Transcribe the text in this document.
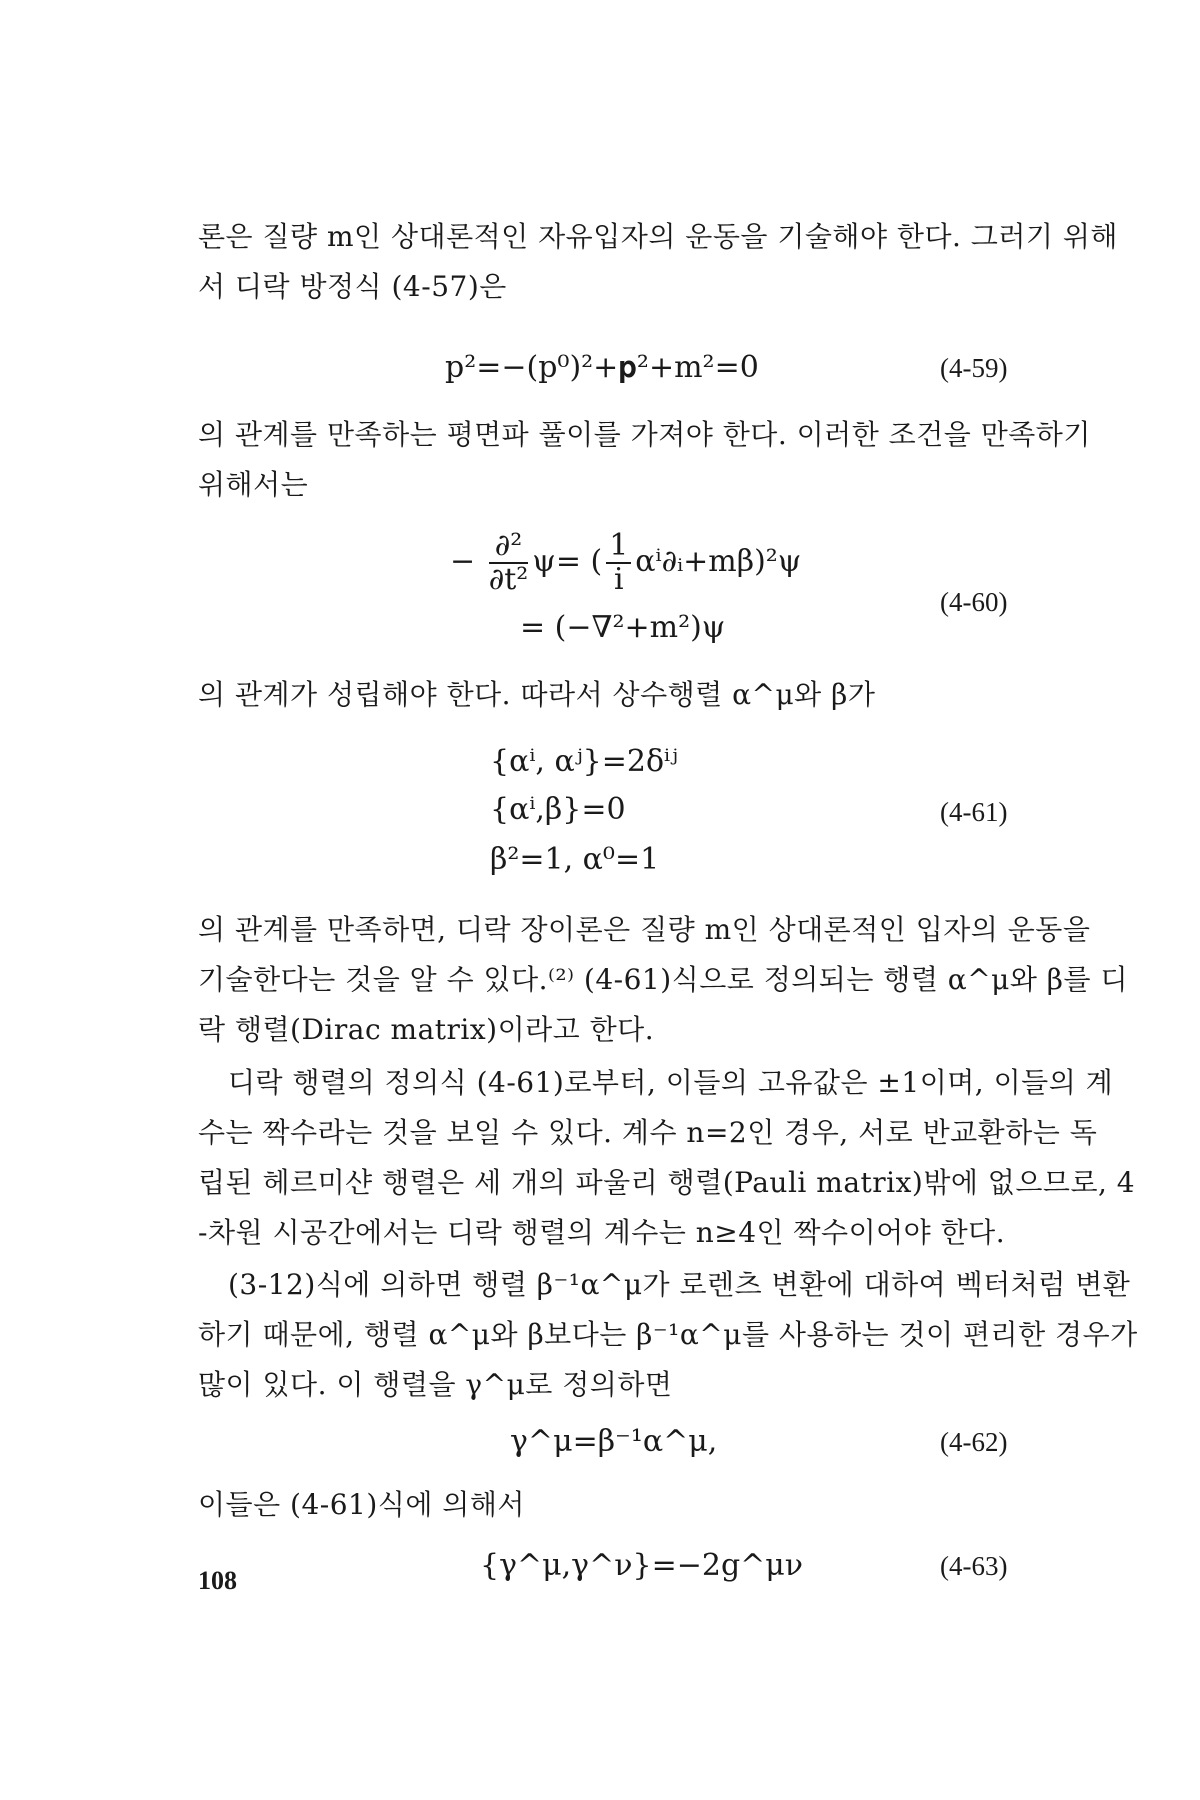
론은 질량 m인 상대론적인 자유입자의 운동을 기술해야 한다. 그러기 위해
서 디락 방정식 (4-57)은
p²=−(p⁰)²+𝐩²+m²=0	(4-59)
의 관계를 만족하는 평면파 풀이를 가져야 한다. 이러한 조건을 만족하기
위해서는
− $\frac{\text{∂²}}{\text{∂t²}} \psi=$ ( $\frac{1}{i}$ αⁱ∂ᵢ+mβ)²ψ
= (−∇²+m²)ψ
(4-60)
의 관계가 성립해야 한다. 따라서 상수행렬 α^μ와 β가
{αⁱ, αʲ}=2δⁱʲ
{αⁱ,β}=0
β²=1, α⁰=1
(4-61)
의 관계를 만족하면, 디락 장이론은 질량 m인 상대론적인 입자의 운동을
기술한다는 것을 알 수 있다.⁽²⁾ (4-61)식으로 정의되는 행렬 α^μ와 β를 디
락 행렬(Dirac matrix)이라고 한다.
디락 행렬의 정의식 (4-61)로부터, 이들의 고유값은 ±1이며, 이들의 계
수는 짝수라는 것을 보일 수 있다. 계수 n=2인 경우, 서로 반교환하는 독
립된 헤르미샨 행렬은 세 개의 파울리 행렬(Pauli matrix)밖에 없으므로, 4
-차원 시공간에서는 디락 행렬의 계수는 n≥4인 짝수이어야 한다.
(3-12)식에 의하면 행렬 β⁻¹α^μ가 로렌츠 변환에 대하여 벡터처럼 변환
하기 때문에, 행렬 α^μ와 β보다는 β⁻¹α^μ를 사용하는 것이 편리한 경우가
많이 있다. 이 행렬을 γ^μ로 정의하면
γ^μ=β⁻¹α^μ,	(4-62)
이들은 (4-61)식에 의해서
{γ^μ,γ^ν}=−2g^μν	(4-63)
108
